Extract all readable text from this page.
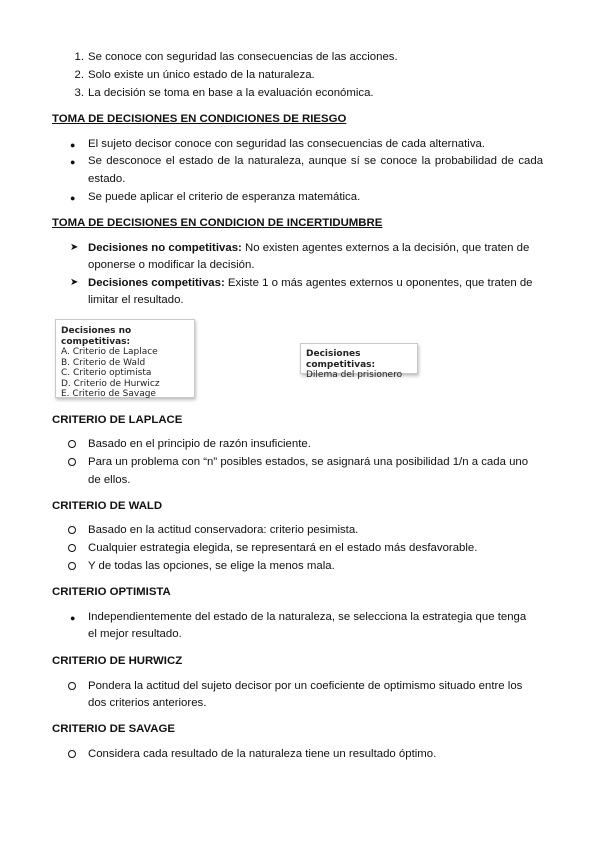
1. Se conoce con seguridad las consecuencias de las acciones.
2. Solo existe un único estado de la naturaleza.
3. La decisión se toma en base a la evaluación económica.
TOMA DE DECISIONES EN CONDICIONES DE RIESGO
● El sujeto decisor conoce con seguridad las consecuencias de cada alternativa.
● Se desconoce el estado de la naturaleza, aunque sí se conoce la probabilidad de cada
estado.
● Se puede aplicar el criterio de esperanza matemática.
TOMA DE DECISIONES EN CONDICION DE INCERTIDUMBRE
➤ Decisiones no competitivas: No existen agentes externos a la decisión, que traten de
oponerse o modificar la decisión.
➤ Decisiones competitivas: Existe 1 o más agentes externos u oponentes, que traten de
limitar el resultado.
Decisiones no competitivas:
A. Criterio de Laplace
B. Criterio de Wald
C. Criterio optimista
D. Criterio de Hurwicz
E. Criterio de Savage
Decisiones competitivas:
Dilema del prisionero
CRITERIO DE LAPLACE
Basado en el principio de razón insuficiente.
Para un problema con “n” posibles estados, se asignará una posibilidad 1/n a cada uno
de ellos.
CRITERIO DE WALD
Basado en la actitud conservadora: criterio pesimista.
Cualquier estrategia elegida, se representará en el estado más desfavorable.
Y de todas las opciones, se elige la menos mala.
CRITERIO OPTIMISTA
● Independientemente del estado de la naturaleza, se selecciona la estrategia que tenga
el mejor resultado.
CRITERIO DE HURWICZ
Pondera la actitud del sujeto decisor por un coeficiente de optimismo situado entre los
dos criterios anteriores.
CRITERIO DE SAVAGE
Considera cada resultado de la naturaleza tiene un resultado óptimo.
